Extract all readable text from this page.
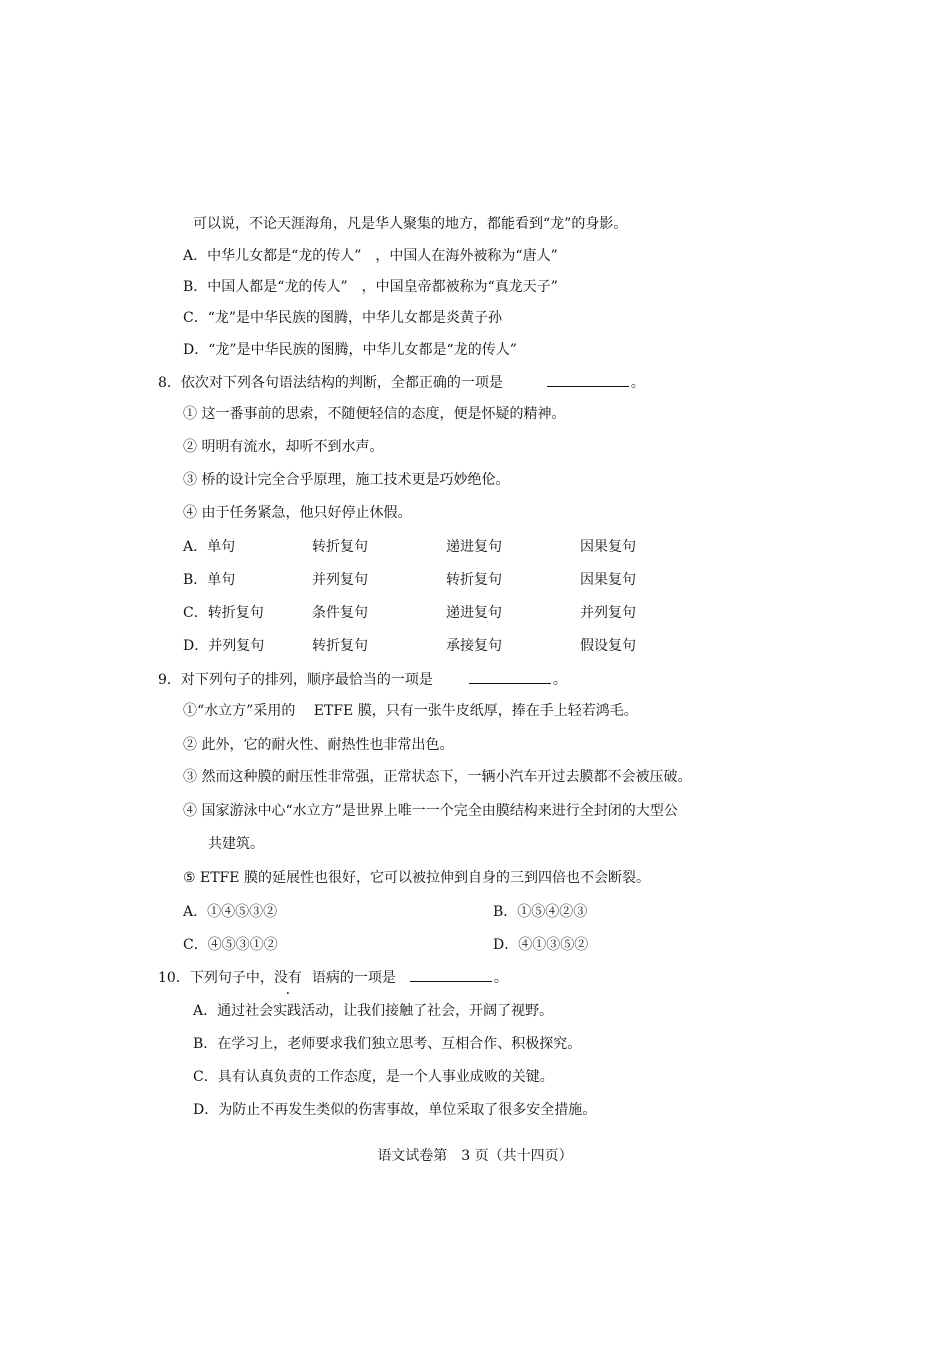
可以说，不论天涯海角，凡是华人聚集的地方，都能看到“龙”的身影。
A．中华儿女都是“龙的传人”　，中国人在海外被称为“唐人”
B．中国人都是“龙的传人”　，中国皇帝都被称为“真龙天子”
C．“龙”是中华民族的图腾，中华儿女都是炎黄子孙
D．“龙”是中华民族的图腾，中华儿女都是“龙的传人”
8．依次对下列各句语法结构的判断，全都正确的一项是	。
① 这一番事前的思索，不随便轻信的态度，便是怀疑的精神。
② 明明有流水，却听不到水声。
③ 桥的设计完全合乎原理，施工技术更是巧妙绝伦。
④ 由于任务紧急，他只好停止休假。
A．单句	转折复句	递进复句	因果复句
B．单句	并列复句	转折复句	因果复句
C．转折复句	条件复句	递进复句	并列复句
D．并列复句	转折复句	承接复句	假设复句
9．对下列句子的排列，顺序最恰当的一项是	。
①“水立方”采用的　 ETFE 膜，只有一张牛皮纸厚，捧在手上轻若鸿毛。
② 此外，它的耐火性、耐热性也非常出色。
③ 然而这种膜的耐压性非常强，正常状态下，一辆小汽车开过去膜都不会被压破。
④ 国家游泳中心“水立方”是世界上唯一一个完全由膜结构来进行全封闭的大型公
共建筑。
⑤ ETFE 膜的延展性也很好，它可以被拉伸到自身的三到四倍也不会断裂。
A．①④⑤③②	B．①⑤④②③
C．④⑤③①②	D．④①③⑤②
10．下列句子中，没有 语病的一项是	。
A．通过社会实践活动，让我们接触了社会，开阔了视野。
B．在学习上，老师要求我们独立思考、互相合作、积极探究。
C．具有认真负责的工作态度，是一个人事业成败的关键。
D．为防止不再发生类似的伤害事故，单位采取了很多安全措施。
语文试卷第　3 页（共十四页）
